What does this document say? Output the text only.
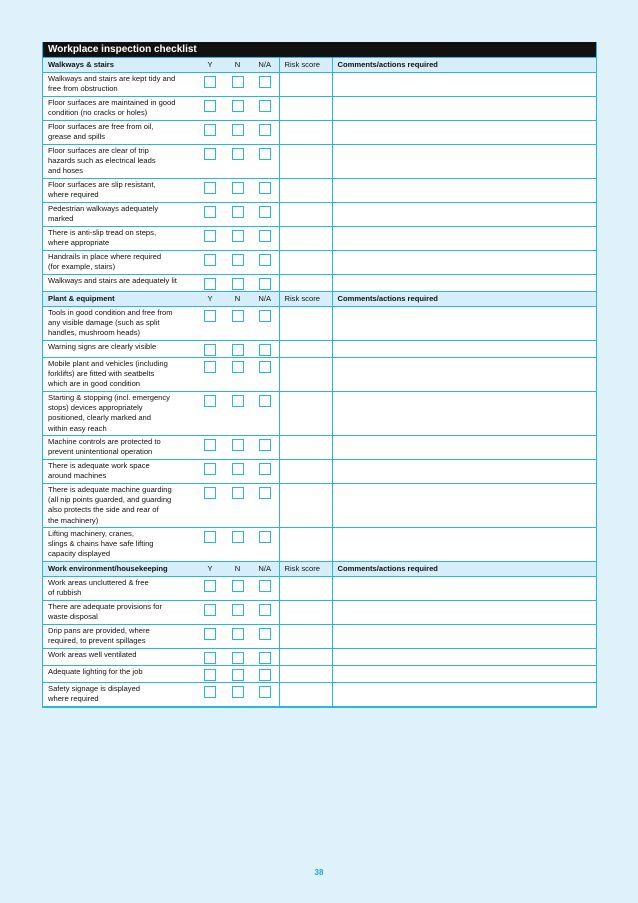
Workplace inspection checklist
Walkways & stairs	Y	N	N/A	Risk score	Comments/actions required
Walkways and stairs are kept tidy and
free from obstruction	

Floor surfaces are maintained in good
condition (no cracks or holes)	

Floor surfaces are free from oil,
grease and spills	

Floor surfaces are clear of trip
hazards such as electrical leads
and hoses	

Floor surfaces are slip resistant,
where required	

Pedestrian walkways adequately
marked	

There is anti-slip tread on steps,
where appropriate	

Handrails in place where required
(for example, stairs)	

Walkways and stairs are adequately lit	

Plant & equipment	Y	N	N/A	Risk score	Comments/actions required
Tools in good condition and free from
any visible damage (such as split
handles, mushroom heads)	

Warning signs are clearly visible	

Mobile plant and vehicles (including
forklifts) are fitted with seatbelts
which are in good condition	

Starting & stopping (incl. emergency
stops) devices appropriately
positioned, clearly marked and
within easy reach	

Machine controls are protected to
prevent unintentional operation	

There is adequate work space
around machines	

There is adequate machine guarding
(all nip points guarded, and guarding
also protects the side and rear of
the machinery)	

Lifting machinery, cranes,
slings & chains have safe lifting
capacity displayed	

Work environment/housekeeping	Y	N	N/A	Risk score	Comments/actions required
Work areas uncluttered & free
of rubbish	

There are adequate provisions for
waste disposal	

Drip pans are provided, where
required, to prevent spillages	

Work areas well ventilated	

Adequate lighting for the job	

Safety signage is displayed
where required	

38
